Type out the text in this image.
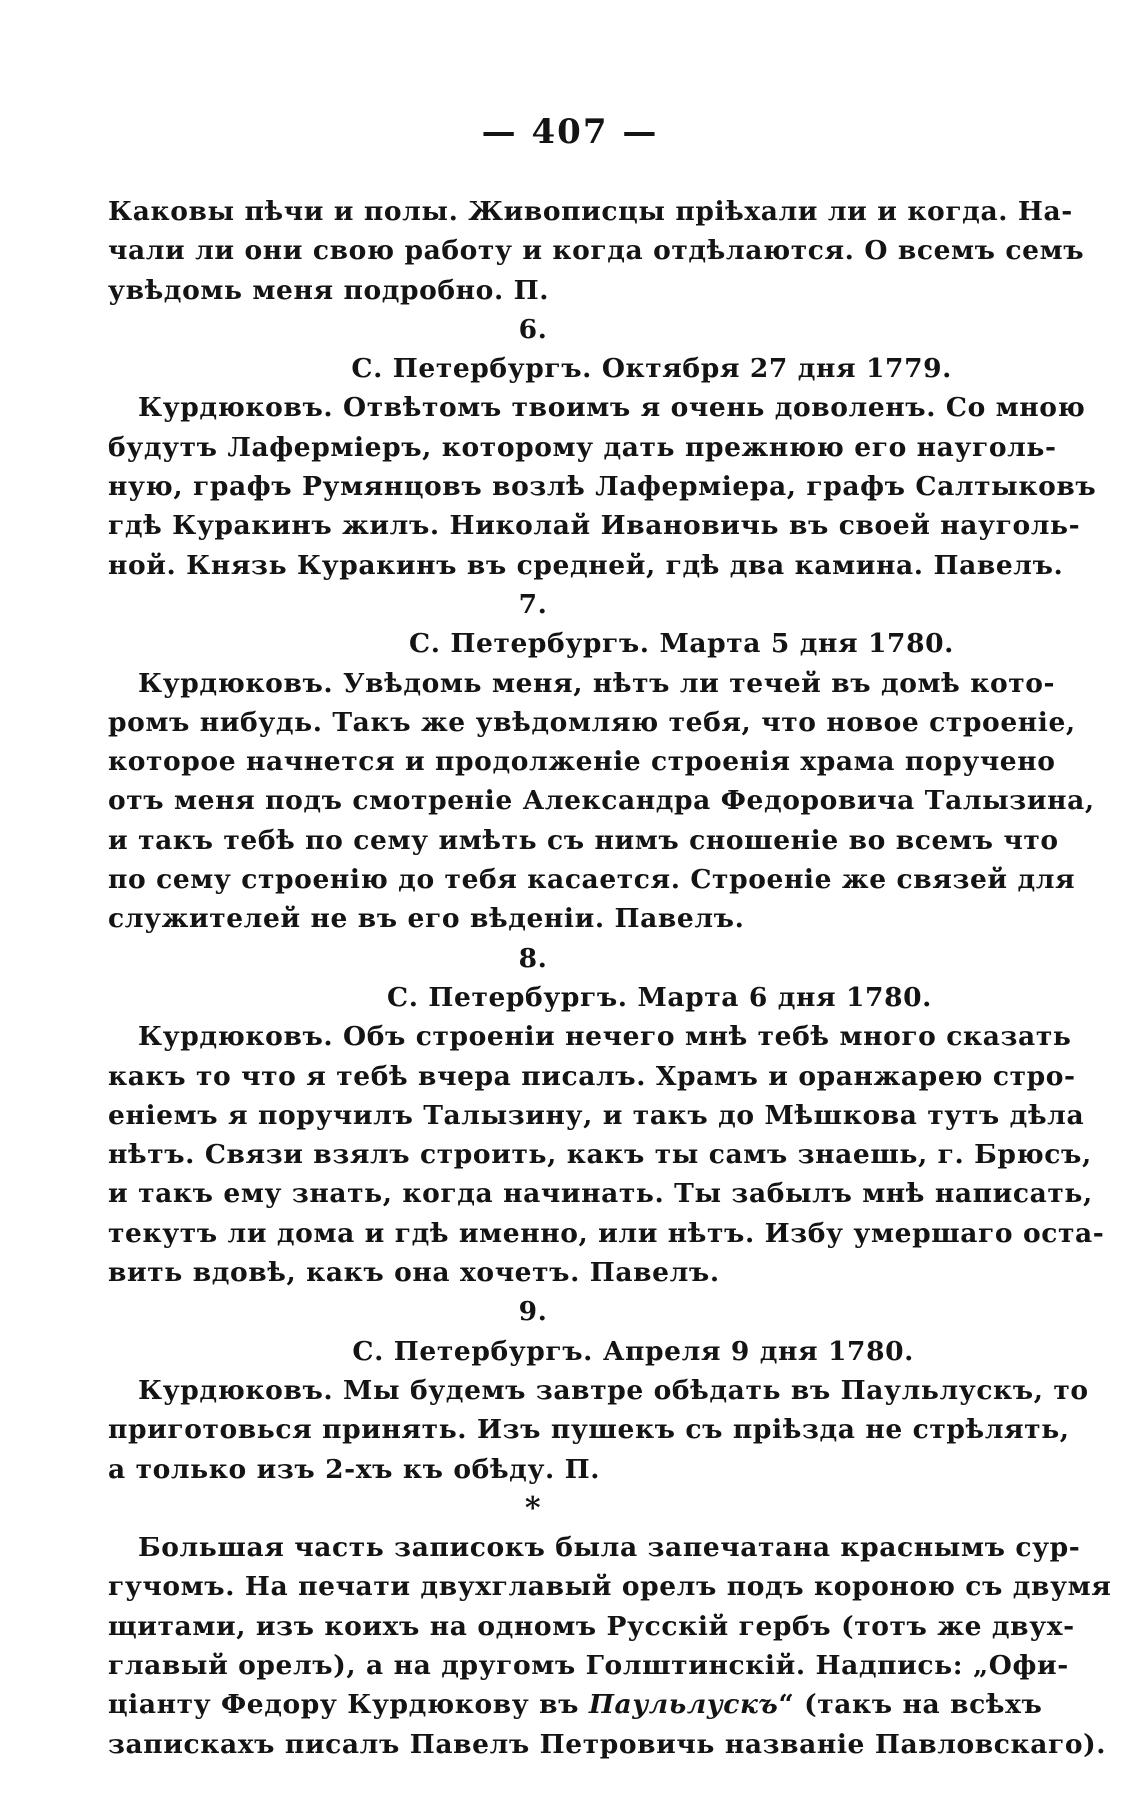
— 407 —
Каковы пѣчи и полы. Живописцы пріѣхали ли и когда. На-
чали ли они свою работу и когда отдѣлаются. О всемъ семъ
увѣдомь меня подробно. П.
6.
С. Петербургъ. Октября 27 дня 1779.
Курдюковъ. Отвѣтомъ твоимъ я очень доволенъ. Со мною
будутъ Лаферміеръ, которому дать прежнюю его науголь-
ную, графъ Румянцовъ возлѣ Лаферміера, графъ Салтыковъ
гдѣ Куракинъ жилъ. Николай Ивановичь въ своей науголь-
ной. Князь Куракинъ въ средней, гдѣ два камина. Павелъ.
7.
С. Петербургъ. Марта 5 дня 1780.
Курдюковъ. Увѣдомь меня, нѣтъ ли течей въ домѣ кото-
ромъ нибудь. Такъ же увѣдомляю тебя, что новое строеніе,
которое начнется и продолженіе строенія храма поручено
отъ меня подъ смотреніе Александра Федоровича Талызина,
и такъ тебѣ по сему имѣть съ нимъ сношеніе во всемъ что
по сему строенію до тебя касается. Строеніе же связей для
служителей не въ его вѣденіи. Павелъ.
8.
С. Петербургъ. Марта 6 дня 1780.
Курдюковъ. Объ строеніи нечего мнѣ тебѣ много сказать
какъ то что я тебѣ вчера писалъ. Храмъ и оранжарею стро-
еніемъ я поручилъ Талызину, и такъ до Мѣшкова тутъ дѣла
нѣтъ. Связи взялъ строить, какъ ты самъ знаешь, г. Брюсъ,
и такъ ему знать, когда начинать. Ты забылъ мнѣ написать,
текутъ ли дома и гдѣ именно, или нѣтъ. Избу умершаго оста-
вить вдовѣ, какъ она хочетъ. Павелъ.
9.
С. Петербургъ. Апреля 9 дня 1780.
Курдюковъ. Мы будемъ завтре обѣдать въ Паульлускъ, то
приготовься принять. Изъ пушекъ съ пріѣзда не стрѣлять,
а только изъ 2-хъ къ обѣду. П.
*
Большая часть записокъ была запечатана краснымъ сур-
гучомъ. На печати двухглавый орелъ подъ короною съ двумя
щитами, изъ коихъ на одномъ Русскій гербъ (тотъ же двух-
главый орелъ), а на другомъ Голштинскій. Надпись: „Офи-
ціанту Федору Курдюкову въ Паульлускъ“ (такъ на всѣхъ
запискахъ писалъ Павелъ Петровичь названіе Павловскаго).
